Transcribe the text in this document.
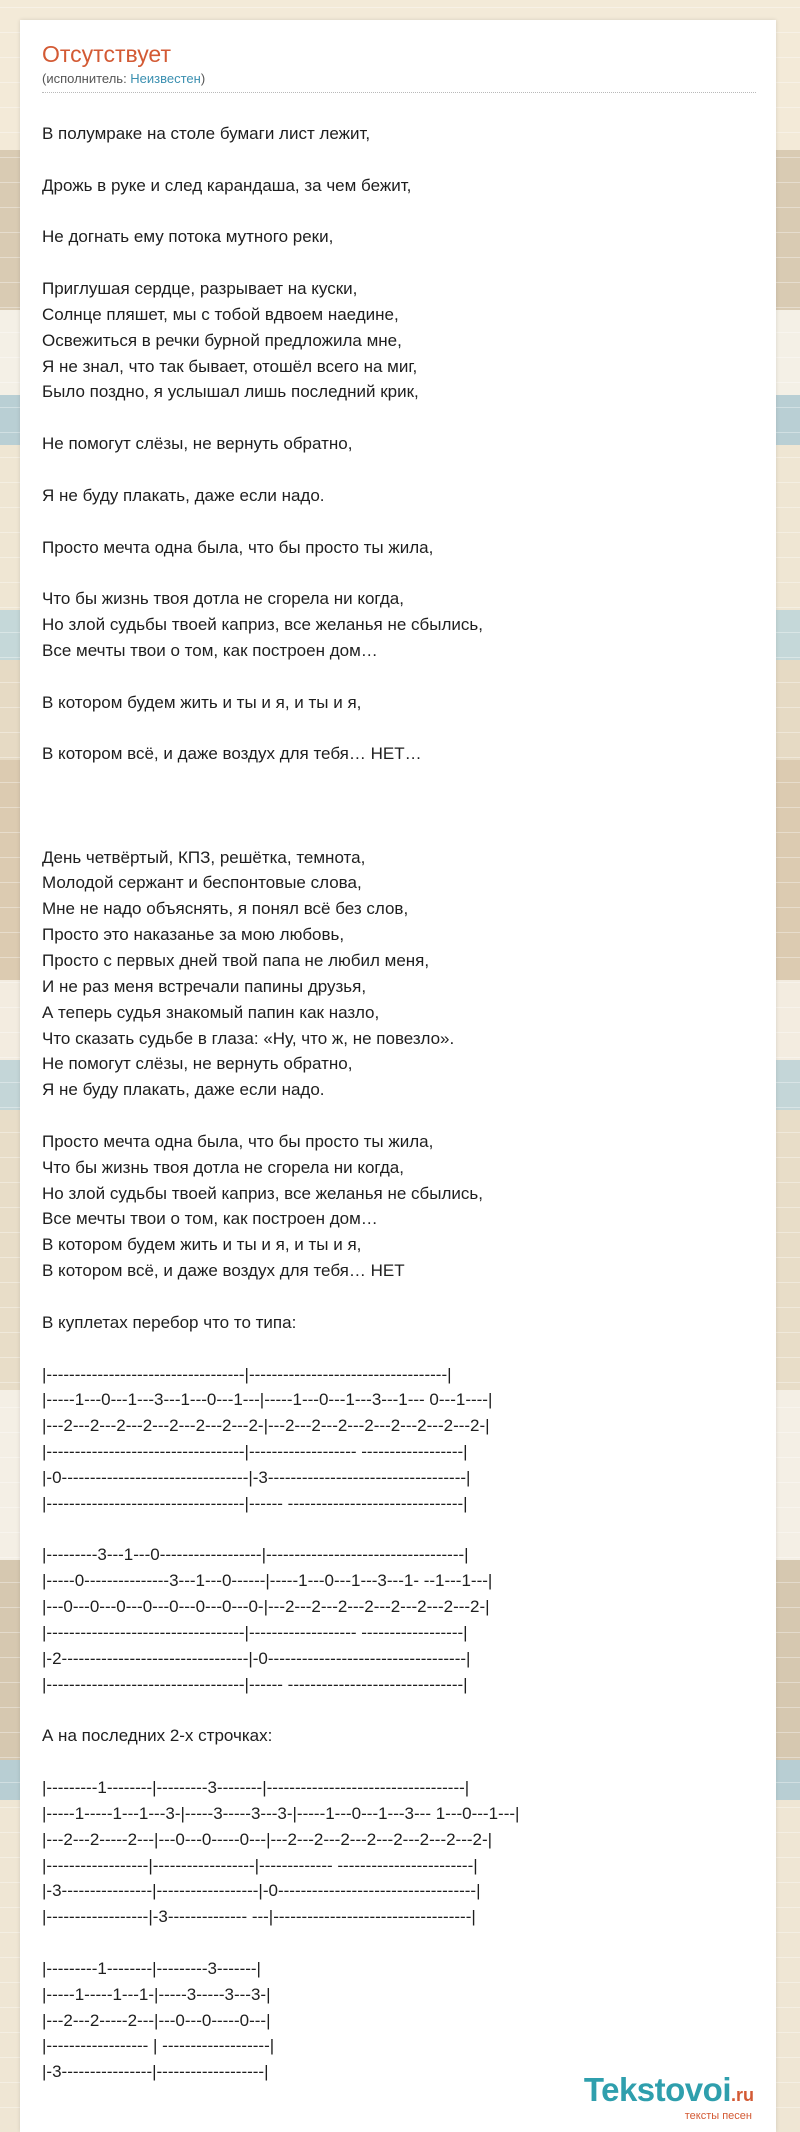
Отсутствует
(исполнитель: Неизвестен)
В полумраке на столе бумаги лист лежит,
Дрожь в руке и след карандаша, за чем бежит,
Не догнать ему потока мутного реки,
Приглушая сердце, разрывает на куски,
Солнце пляшет, мы с тобой вдвоем наедине,
Освежиться в речки бурной предложила мне,
Я не знал, что так бывает, отошёл всего на миг,
Было поздно, я услышал лишь последний крик,
Не помогут слёзы, не вернуть обратно,
Я не буду плакать, даже если надо.
Просто мечта одна была, что бы просто ты жила,
Что бы жизнь твоя дотла не сгорела ни когда,
Но злой судьбы твоей каприз, все желанья не сбылись,
Все мечты твои о том, как построен дом…
В котором будем жить и ты и я, и ты и я,
В котором всё, и даже воздух для тебя… НЕТ…
День четвёртый, КПЗ, решётка, темнота,
Молодой сержант и беспонтовые слова,
Мне не надо объяснять, я понял всё без слов,
Просто это наказанье за мою любовь,
Просто с первых дней твой папа не любил меня,
И не раз меня встречали папины друзья,
А теперь судья знакомый папин как назло,
Что сказать судьбе в глаза: «Ну, что ж, не повезло».
Не помогут слёзы, не вернуть обратно,
Я не буду плакать, даже если надо.
Просто мечта одна была, что бы просто ты жила,
Что бы жизнь твоя дотла не сгорела ни когда,
Но злой судьбы твоей каприз, все желанья не сбылись,
Все мечты твои о том, как построен дом…
В котором будем жить и ты и я, и ты и я,
В котором всё, и даже воздух для тебя… НЕТ
В куплетах перебор что то типа:
|-----------------------------------|-----------------------------------|
|-----1---0---1---3---1---0---1---|-----1---0---1---3---1--- 0---1----|
|---2---2---2---2---2---2---2---2-|---2---2---2---2---2---2---2---2-|
|-----------------------------------|------------------- ------------------|
|-0---------------------------------|-3-----------------------------------|
|-----------------------------------|------ -------------------------------|
|---------3---1---0------------------|-----------------------------------|
|-----0---------------3---1---0------|-----1---0---1---3---1- --1---1---|
|---0---0---0---0---0---0---0---0-|---2---2---2---2---2---2---2---2-|
|-----------------------------------|------------------- ------------------|
|-2---------------------------------|-0-----------------------------------|
|-----------------------------------|------ -------------------------------|
А на последних 2-х строчках:
|---------1--------|---------3--------|-----------------------------------|
|-----1-----1---1---3-|-----3-----3---3-|-----1---0---1---3--- 1---0---1---|
|---2---2-----2---|---0---0-----0---|---2---2---2---2---2---2---2---2-|
|------------------|------------------|------------- ------------------------|
|-3----------------|------------------|-0-----------------------------------|
|------------------|-3-------------- ---|-----------------------------------|
|---------1--------|---------3-------|
|-----1-----1---1-|-----3-----3---3-|
|---2---2-----2---|---0---0-----0---|
|------------------ | -------------------|
|-3----------------|-------------------|	Tekstovoi.ru
тексты песен
